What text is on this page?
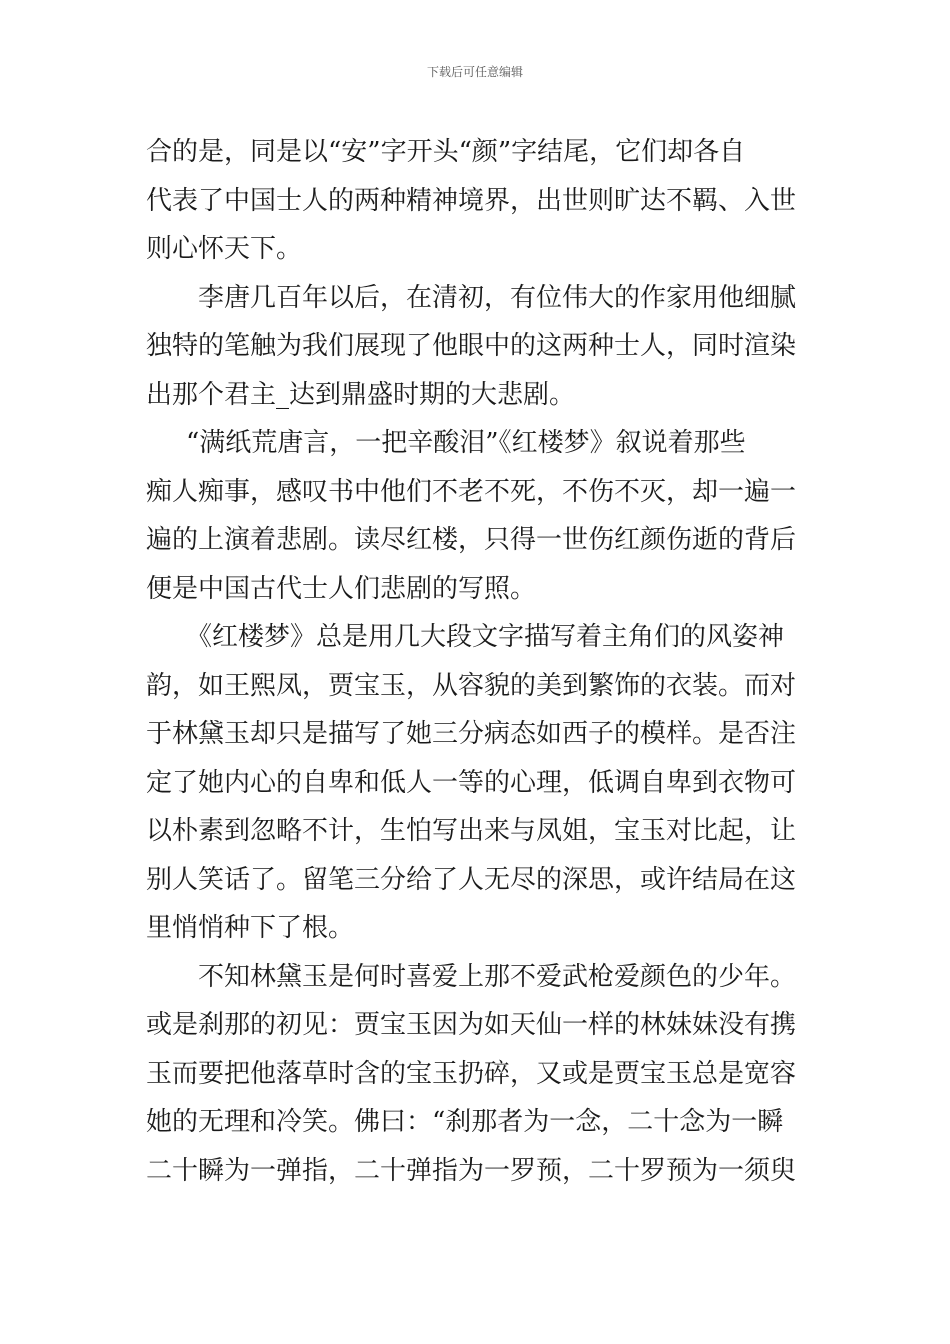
下载后可任意编辑
合的是，同是以“安”字开头“颜”字结尾，它们却各自
代表了中国士人的两种精神境界，出世则旷达不羁、入世
则心怀天下。
李唐几百年以后，在清初，有位伟大的作家用他细腻
独特的笔触为我们展现了他眼中的这两种士人，同时渲染
出那个君主_达到鼎盛时期的大悲剧。
“满纸荒唐言，一把辛酸泪”《红楼梦》叙说着那些
痴人痴事，感叹书中他们不老不死，不伤不灭，却一遍一
遍的上演着悲剧。读尽红楼，只得一世伤红颜伤逝的背后
便是中国古代士人们悲剧的写照。
《红楼梦》总是用几大段文字描写着主角们的风姿神
韵，如王熙凤，贾宝玉，从容貌的美到繁饰的衣装。而对
于林黛玉却只是描写了她三分病态如西子的模样。是否注
定了她内心的自卑和低人一等的心理，低调自卑到衣物可
以朴素到忽略不计，生怕写出来与凤姐，宝玉对比起，让
别人笑话了。留笔三分给了人无尽的深思，或许结局在这
里悄悄种下了根。
不知林黛玉是何时喜爱上那不爱武枪爱颜色的少年。
或是刹那的初见：贾宝玉因为如天仙一样的林妹妹没有携
玉而要把他落草时含的宝玉扔碎，又或是贾宝玉总是宽容
她的无理和冷笑。佛曰：“刹那者为一念，二十念为一瞬
二十瞬为一弹指，二十弹指为一罗预，二十罗预为一须臾
